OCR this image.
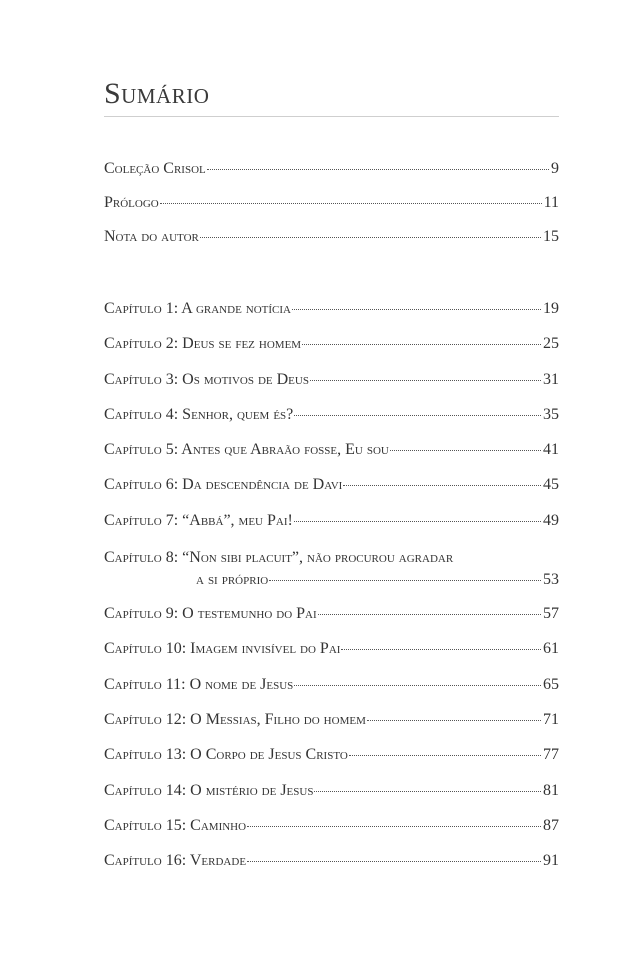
Sumário
Coleção Crisol	9
Prólogo	11
Nota do autor	15
Capítulo 1: A grande notícia	19
Capítulo 2: Deus se fez homem	25
Capítulo 3: Os motivos de Deus	31
Capítulo 4: Senhor, quem és?	35
Capítulo 5: Antes que Abraão fosse, Eu sou	41
Capítulo 6: Da descendência de Davi	45
Capítulo 7: “Abbá”, meu Pai!	49
Capítulo 8: “Non sibi placuit”, não procurou agradar
a si próprio	53
Capítulo 9: O testemunho do Pai	57
Capítulo 10: Imagem invisível do Pai	61
Capítulo 11: O nome de Jesus	65
Capítulo 12: O Messias, Filho do homem	71
Capítulo 13: O Corpo de Jesus Cristo	77
Capítulo 14: O mistério de Jesus	81
Capítulo 15: Caminho	87
Capítulo 16: Verdade	91
